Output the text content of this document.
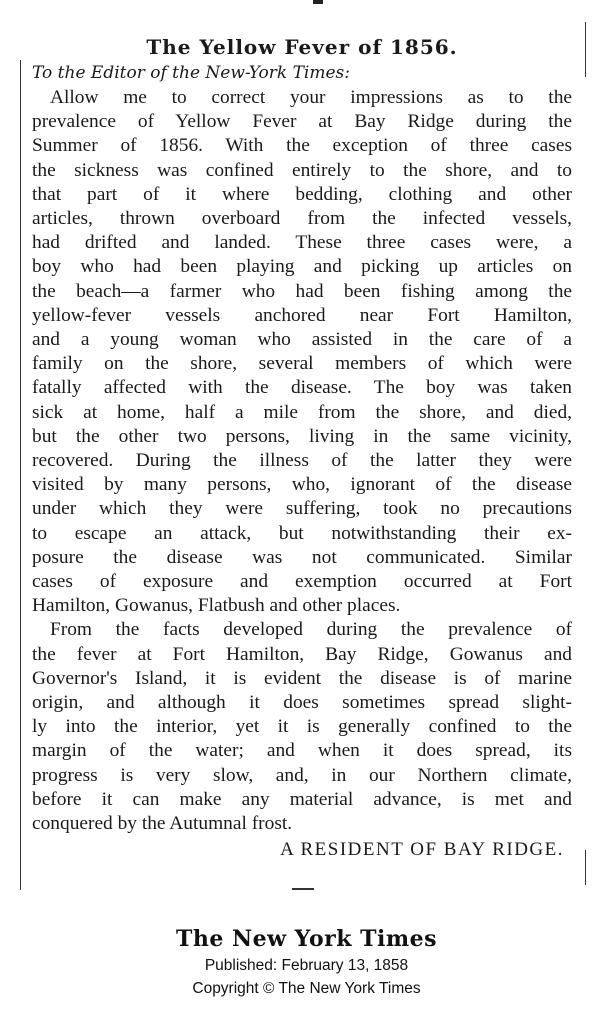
The Yellow Fever of 1856.
To the Editor of the New-York Times:
Allow me to correct your impressions as to the
prevalence of Yellow Fever at Bay Ridge during the
Summer of 1856. With the exception of three cases
the sickness was confined entirely to the shore, and to
that part of it where bedding, clothing and other
articles, thrown overboard from the infected vessels,
had drifted and landed. These three cases were, a
boy who had been playing and picking up articles on
the beach—a farmer who had been fishing among the
yellow-fever vessels anchored near Fort Hamilton,
and a young woman who assisted in the care of a
family on the shore, several members of which were
fatally affected with the disease. The boy was taken
sick at home, half a mile from the shore, and died,
but the other two persons, living in the same vicinity,
recovered. During the illness of the latter they were
visited by many persons, who, ignorant of the disease
under which they were suffering, took no precautions
to escape an attack, but notwithstanding their ex-
posure the disease was not communicated. Similar
cases of exposure and exemption occurred at Fort
Hamilton, Gowanus, Flatbush and other places.
From the facts developed during the prevalence of
the fever at Fort Hamilton, Bay Ridge, Gowanus and
Governor's Island, it is evident the disease is of marine
origin, and although it does sometimes spread slight-
ly into the interior, yet it is generally confined to the
margin of the water; and when it does spread, its
progress is very slow, and, in our Northern climate,
before it can make any material advance, is met and
conquered by the Autumnal frost.
A RESIDENT OF BAY RIDGE.
The New York Times
Published: February 13, 1858
Copyright © The New York Times
